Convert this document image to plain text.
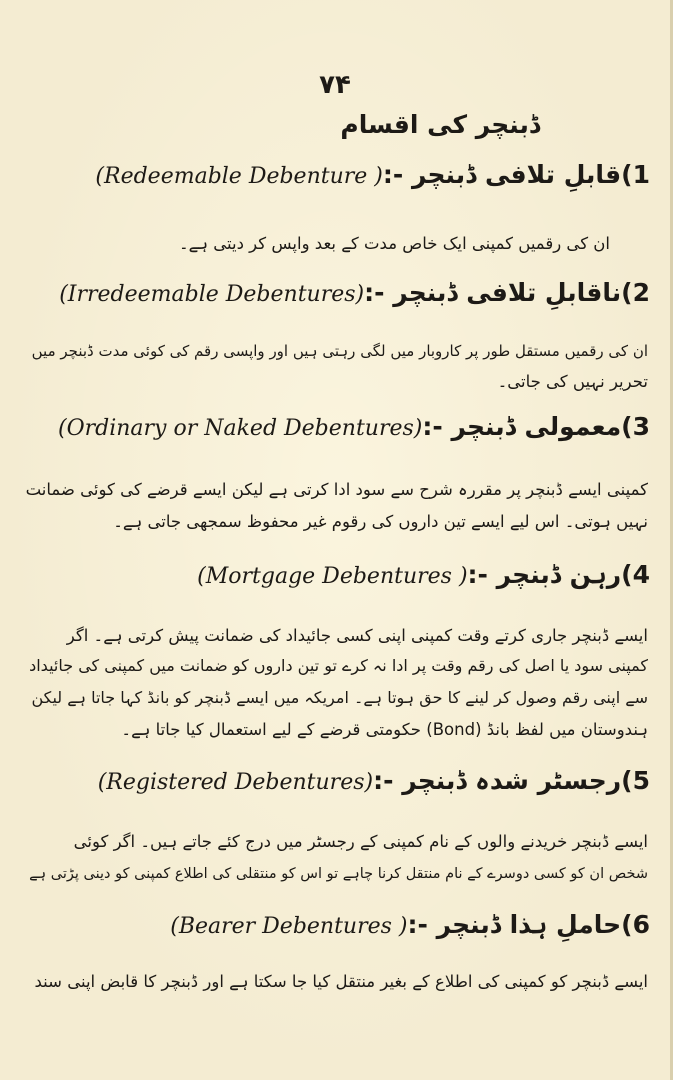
۷۴
ڈبنچر کی اقسام
(1قابلِ تلافی ڈبنچر (Redeemable Debenture ):-
ان کی رقمیں کمپنی ایک خاص مدت کے بعد واپس کر دیتی ہے۔
(2ناقابلِ تلافی ڈبنچر (Irredeemable Debentures):-
ان کی رقمیں مستقل طور پر کاروبار میں لگی رہتی ہیں اور واپسی رقم کی کوئی مدت ڈبنچر میں
تحریر نہیں کی جاتی۔
(3معمولی ڈبنچر (Ordinary or Naked Debentures):-
کمپنی ایسے ڈبنچر پر مقررہ شرح سے سود ادا کرتی ہے لیکن ایسے قرضے کی کوئی ضمانت
نہیں ہوتی۔ اس لیے ایسے تین داروں کی رقوم غیر محفوظ سمجھی جاتی ہے۔
(4رہن ڈبنچر (Mortgage Debentures ):-
ایسے ڈبنچر جاری کرتے وقت کمپنی اپنی کسی جائیداد کی ضمانت پیش کرتی ہے۔ اگر
کمپنی سود یا اصل کی رقم وقت پر ادا نہ کرے تو تین داروں کو ضمانت میں کمپنی کی جائیداد
سے اپنی رقم وصول کر لینے کا حق ہوتا ہے۔ امریکہ میں ایسے ڈبنچر کو بانڈ کہا جاتا ہے لیکن
ہندوستان میں لفظ بانڈ (Bond) حکومتی قرضے کے لیے استعمال کیا جاتا ہے۔
(5رجسٹر شدہ ڈبنچر (Registered Debentures):-
ایسے ڈبنچر خریدنے والوں کے نام کمپنی کے رجسٹر میں درج کئے جاتے ہیں۔ اگر کوئی
شخص ان کو کسی دوسرے کے نام منتقل کرنا چاہے تو اس کو منتقلی کی اطلاع کمپنی کو دینی پڑتی ہے
(6حاملِ ہذا ڈبنچر (Bearer Debentures ):-
ایسے ڈبنچر کو کمپنی کی اطلاع کے بغیر منتقل کیا جا سکتا ہے اور ڈبنچر کا قابض اپنی سند
